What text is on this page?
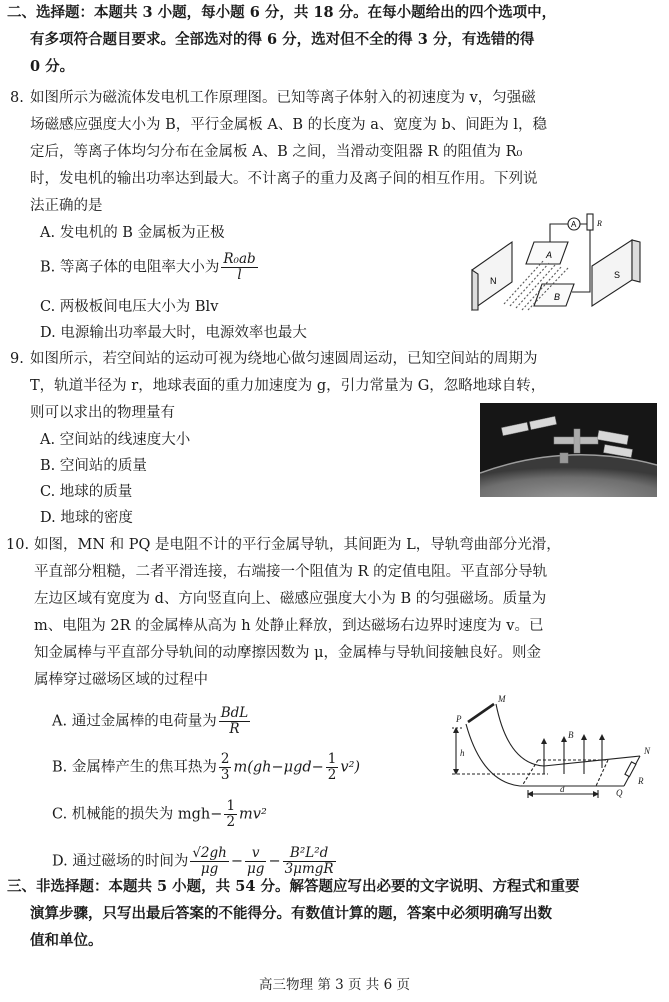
二、选择题：本题共 3 小题，每小题 6 分，共 18 分。在每小题给出的四个选项中，
有多项符合题目要求。全部选对的得 6 分，选对但不全的得 3 分，有选错的得
0 分。
8. 如图所示为磁流体发电机工作原理图。已知等离子体射入的初速度为 v，匀强磁
场磁感应强度大小为 B，平行金属板 A、B 的长度为 a、宽度为 b、间距为 l，稳
定后，等离子体均匀分布在金属板 A、B 之间，当滑动变阻器 R 的阻值为 R₀
时，发电机的输出功率达到最大。不计离子的重力及离子间的相互作用。下列说
法正确的是
A. 发电机的 B 金属板为正极
B. 等离子体的电阻率大小为 $\frac{\text{R₀ab}}{l}$
C. 两极板间电压大小为 Blv
D. 电源输出功率最大时，电源效率也最大
N
S
A
B
A	R
9. 如图所示，若空间站的运动可视为绕地心做匀速圆周运动，已知空间站的周期为
T，轨道半径为 r，地球表面的重力加速度为 g，引力常量为 G，忽略地球自转，
则可以求出的物理量有
A. 空间站的线速度大小
B. 空间站的质量
C. 地球的质量
D. 地球的密度
10. 如图，MN 和 PQ 是电阻不计的平行金属导轨，其间距为 L，导轨弯曲部分光滑，
平直部分粗糙，二者平滑连接，右端接一个阻值为 R 的定值电阻。平直部分导轨
左边区域有宽度为 d、方向竖直向上、磁感应强度大小为 B 的匀强磁场。质量为
m、电阻为 2R 的金属棒从高为 h 处静止释放，到达磁场右边界时速度为 v。已
知金属棒与平直部分导轨间的动摩擦因数为 μ，金属棒与导轨间接触良好。则金
属棒穿过磁场区域的过程中
A. 通过金属棒的电荷量为 $\frac{\text{BdL}}{R}$
B. 金属棒产生的焦耳热为 $\frac{2}{3} m(gh-\mu gd- \frac{1}{2} v^2)$
C. 机械能的损失为 $mgh- \frac{1}{2} mv^2$
D. 通过磁场的时间为 $\frac{√2gh}{\mu g} - \frac{v}{\mu g} - \frac{\text{B²L²d}}{\text{3μmgR}}$
M
P
N
Q
R
B
h
d
三、非选择题：本题共 5 小题，共 54 分。解答题应写出必要的文字说明、方程式和重要
演算步骤，只写出最后答案的不能得分。有数值计算的题，答案中必须明确写出数
值和单位。
高三物理 第 3 页 共 6 页
